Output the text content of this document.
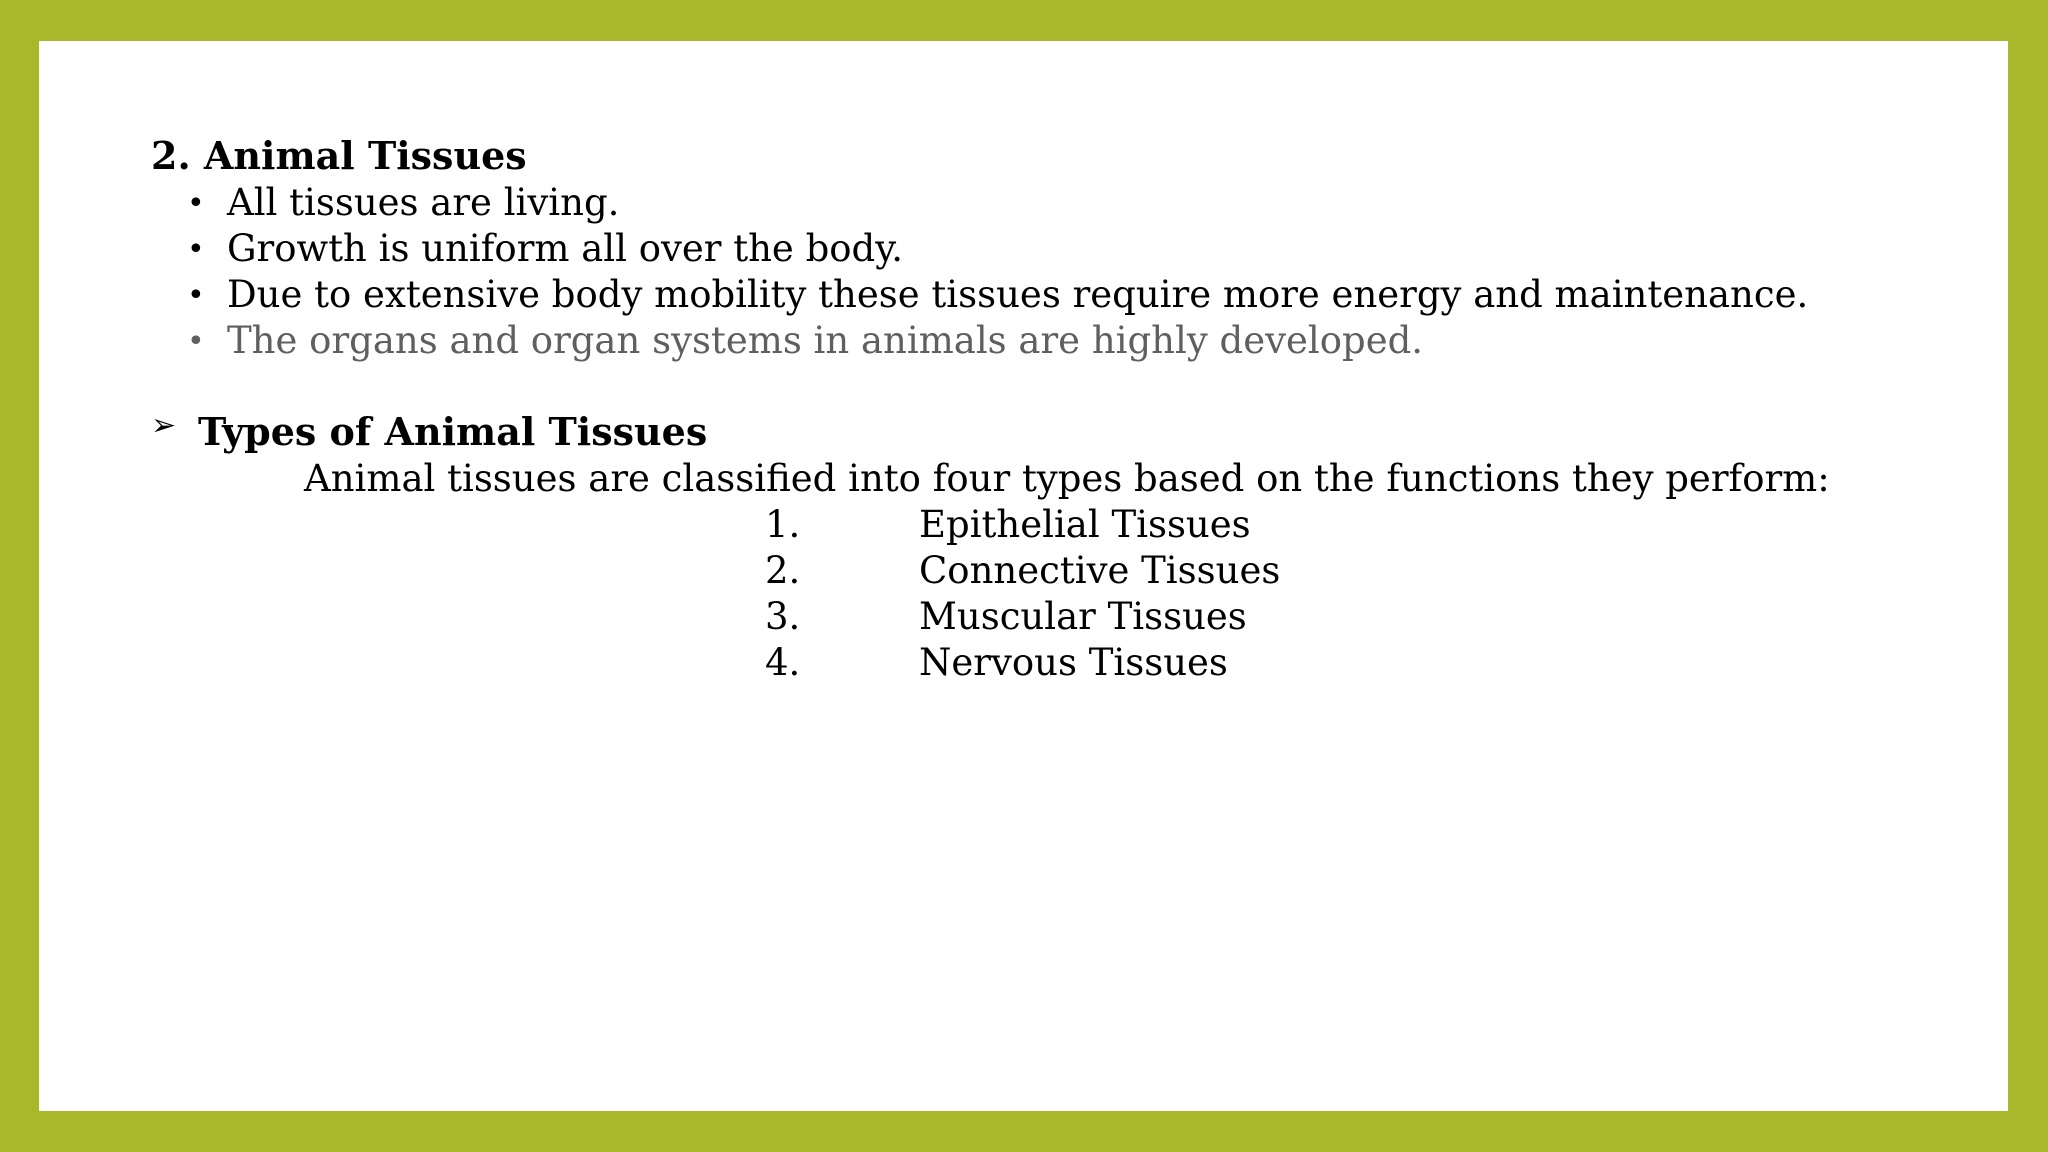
2. Animal Tissues
• All tissues are living.
• Growth is uniform all over the body.
• Due to extensive body mobility these tissues require more energy and maintenance.
• The organs and organ systems in animals are highly developed.
➢ Types of Animal Tissues
Animal tissues are classified into four types based on the functions they perform:
1.	Epithelial Tissues
2.	Connective Tissues
3.	Muscular Tissues
4.	Nervous Tissues
